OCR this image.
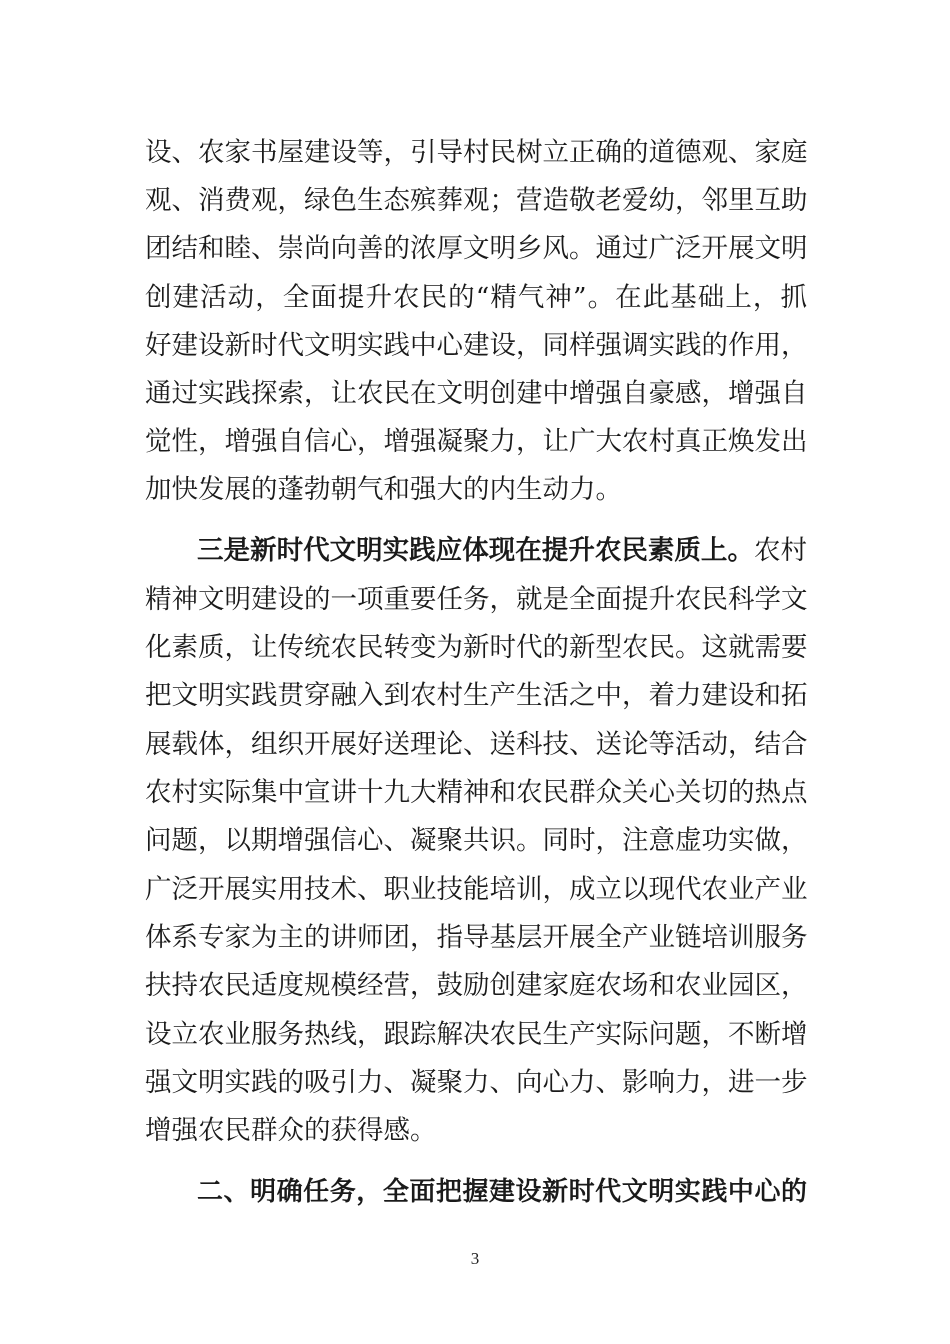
设、农家书屋建设等，引导村民树立正确的道德观、家庭
观、消费观，绿色生态殡葬观；营造敬老爱幼，邻里互助
团结和睦、崇尚向善的浓厚文明乡风。通过广泛开展文明
创建活动，全面提升农民的“精气神”。在此基础上，抓
好建设新时代文明实践中心建设，同样强调实践的作用，
通过实践探索，让农民在文明创建中增强自豪感，增强自
觉性，增强自信心，增强凝聚力，让广大农村真正焕发出
加快发展的蓬勃朝气和强大的内生动力。
三是新时代文明实践应体现在提升农民素质上。农村
精神文明建设的一项重要任务，就是全面提升农民科学文
化素质，让传统农民转变为新时代的新型农民。这就需要
把文明实践贯穿融入到农村生产生活之中，着力建设和拓
展载体，组织开展好送理论、送科技、送论等活动，结合
农村实际集中宣讲十九大精神和农民群众关心关切的热点
问题，以期增强信心、凝聚共识。同时，注意虚功实做，
广泛开展实用技术、职业技能培训，成立以现代农业产业
体系专家为主的讲师团，指导基层开展全产业链培训服务
扶持农民适度规模经营，鼓励创建家庭农场和农业园区，
设立农业服务热线，跟踪解决农民生产实际问题，不断增
强文明实践的吸引力、凝聚力、向心力、影响力，进一步
增强农民群众的获得感。
二、明确任务，全面把握建设新时代文明实践中心的
3
